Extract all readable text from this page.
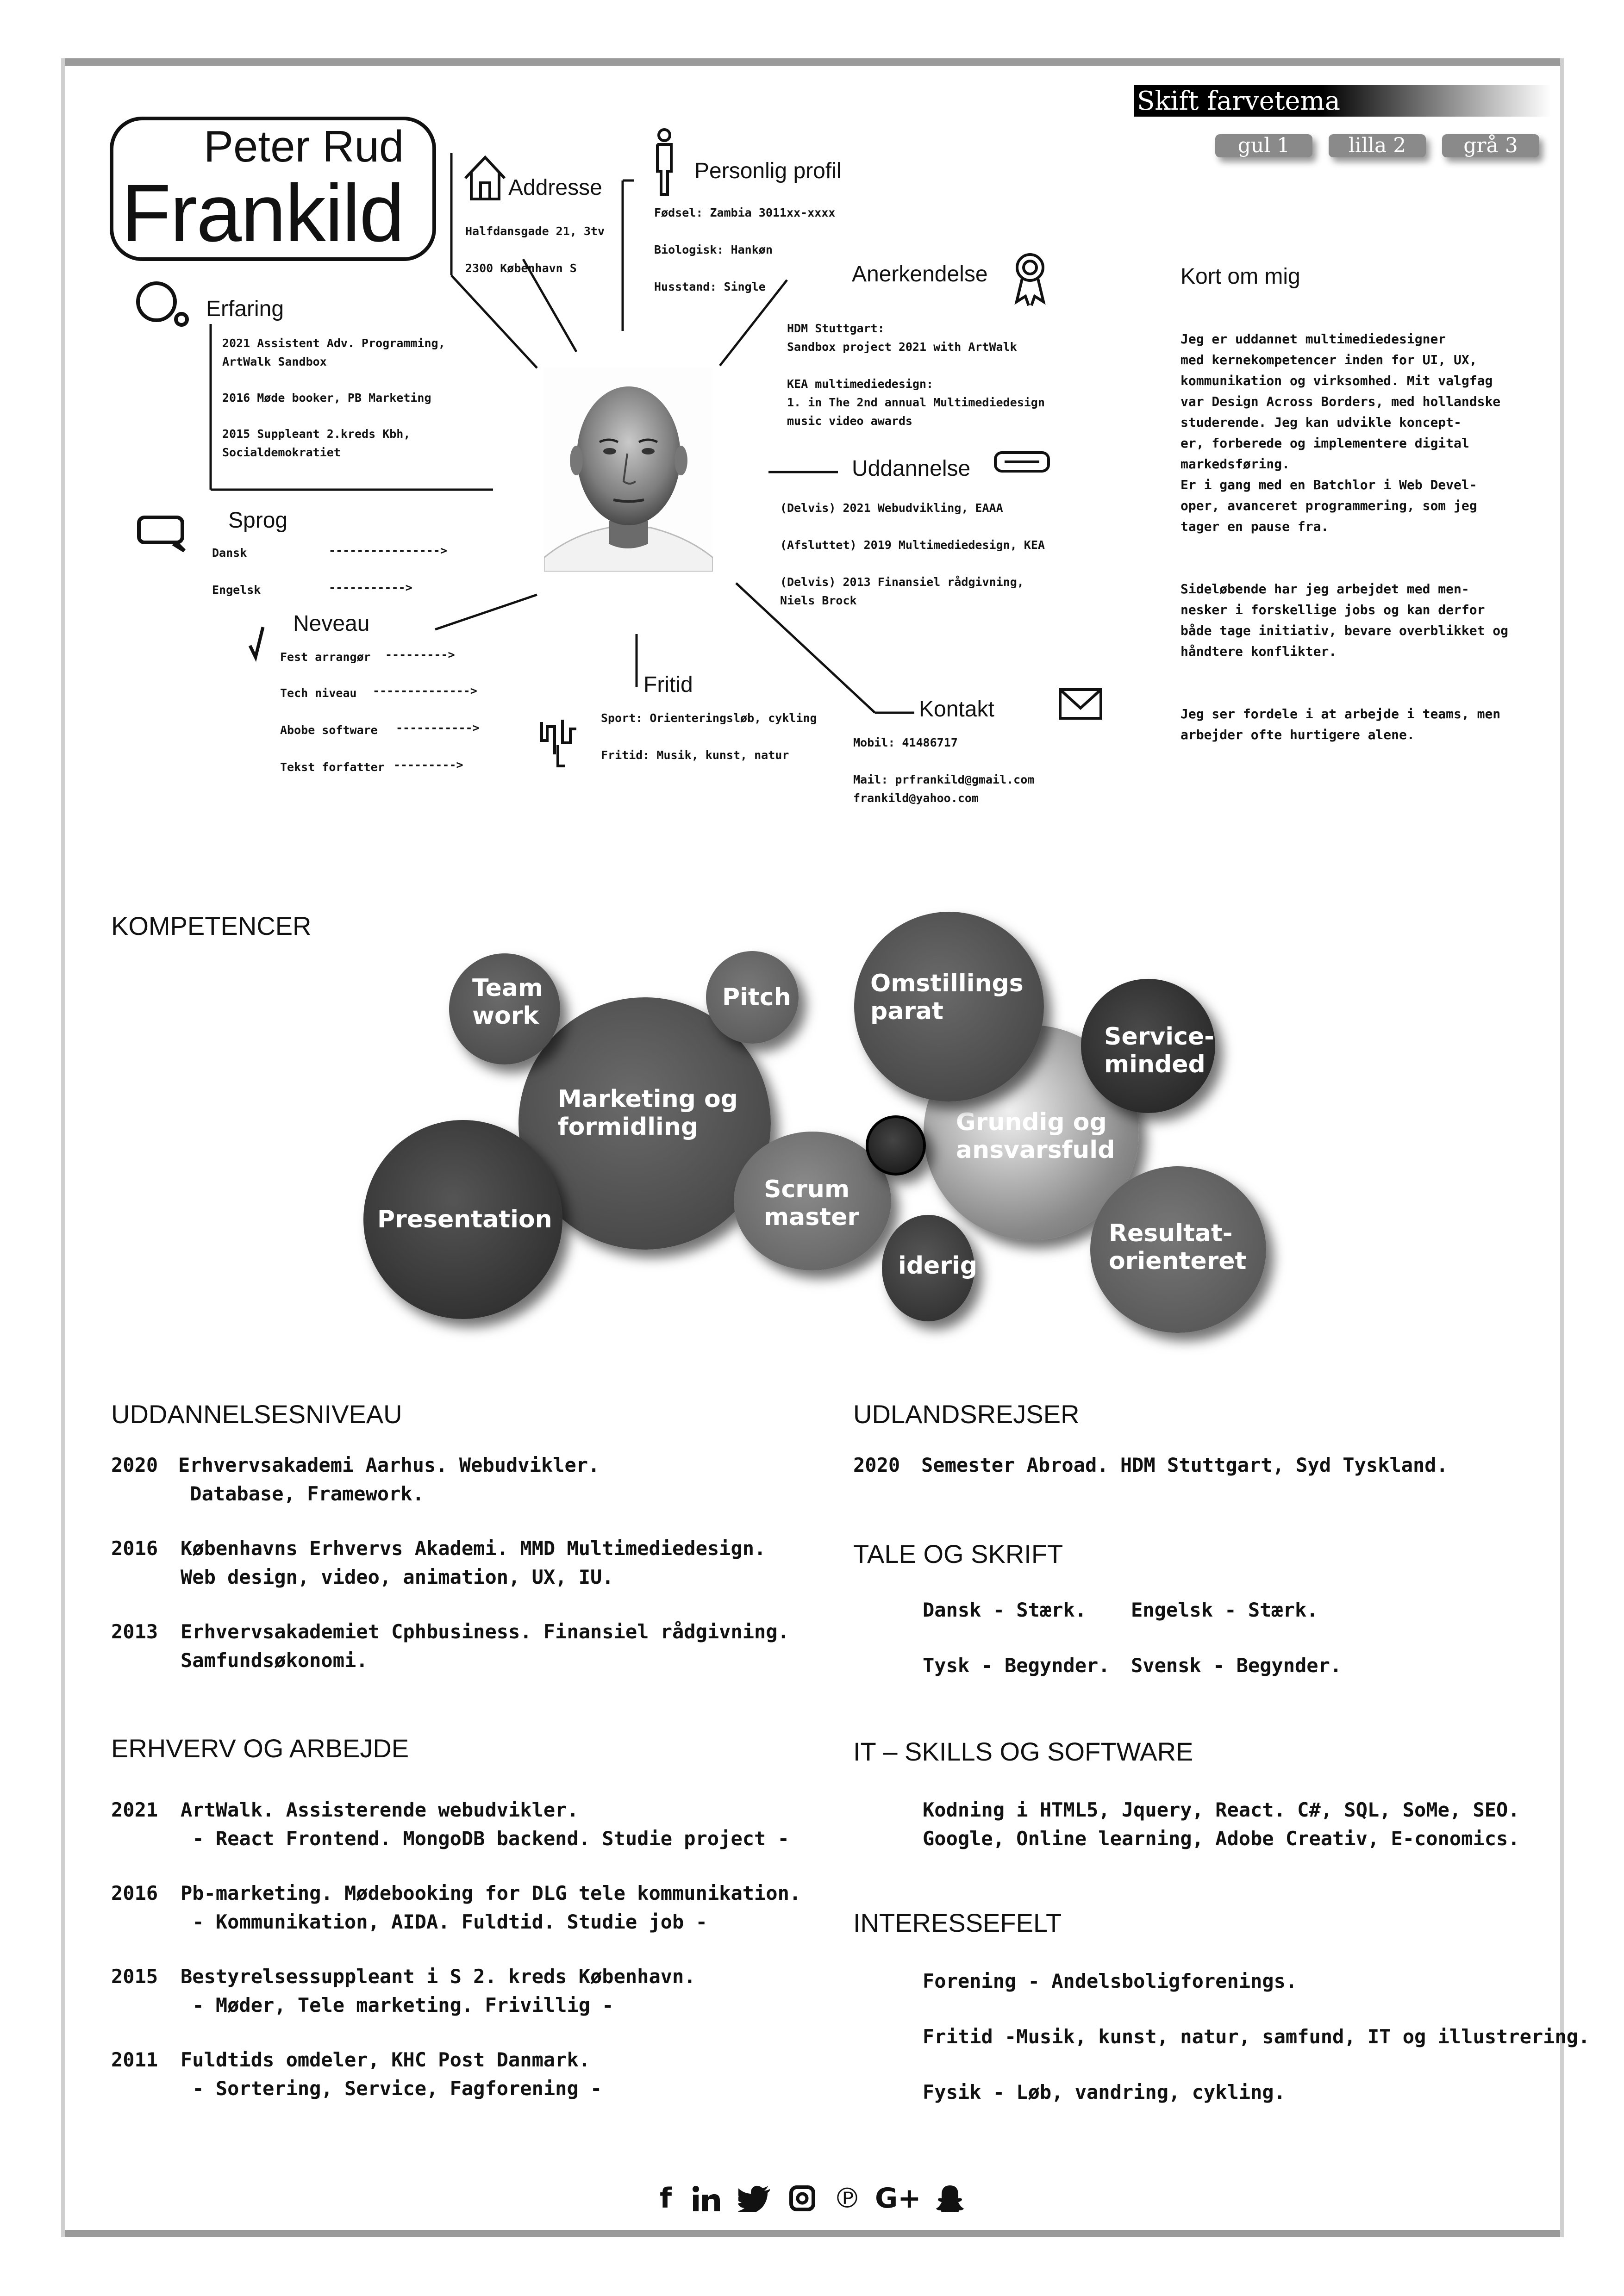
Skift farvetema
gul 1	lilla 2	grå 3
Peter Rud
Frankild	Addresse
Halfdansgade 21, 3tv
2300 København S
Personlig profil
Fødsel: Zambia 3011xx-xxxx
Biologisk: Hankøn
Husstand: Single
Anerkendelse
HDM Stuttgart:
Sandbox project 2021 with ArtWalk
KEA multimediedesign:
1. in The 2nd annual Multimediedesign
music video awards
Kort om mig

Jeg er uddannet multimediedesigner
med kernekompetencer inden for UI, UX,
kommunikation og virksomhed. Mit valgfag
var Design Across Borders, med hollandske
studerende. Jeg kan udvikle koncept-
er, forberede og implementere digital
markedsføring.
Er i gang med en Batchlor i Web Devel-
oper, avanceret programmering, som jeg
tager en pause fra.

Sideløbende har jeg arbejdet med men-
nesker i forskellige jobs og kan derfor
både tage initiativ, bevare overblikket og
håndtere konflikter.

Jeg ser fordele i at arbejde i teams, men
arbejder ofte hurtigere alene.

Erfaring
2021 Assistent Adv. Programming,
ArtWalk Sandbox
2016 Møde booker, PB Marketing
2015 Suppleant 2.kreds Kbh,
Socialdemokratiet
Sprog
Dansk	---------------->
Engelsk	----------->
Neveau
Fest arrangør --------->
Tech niveau -------------->
Abobe software ----------->
Tekst forfatter --------->
Uddannelse
(Delvis) 2021 Webudvikling, EAAA
(Afsluttet) 2019 Multimediedesign, KEA
(Delvis) 2013 Finansiel rådgivning,
Niels Brock
Fritid
Sport: Orienteringsløb, cykling
Fritid: Musik, kunst, natur
Kontakt
Mobil: 41486717
Mail: prfrankild@gmail.com
frankild@yahoo.com
KOMPETENCER
Marketing og
formidling
Presentation
Team
work
Pitch
Scrum
master
Grundig og
ansvarsfuld
Omstillings
parat
Service-
minded
Resultat-
orienteret
iderig
UDDANNELSESNIVEAU
2020 Erhvervsakademi Aarhus. Webudvikler.
Database, Framework.
2016 Københavns Erhvervs Akademi. MMD Multimediedesign.
Web design, video, animation, UX, IU.
2013 Erhvervsakademiet Cphbusiness. Finansiel rådgivning.
Samfundsøkonomi.
ERHVERV OG ARBEJDE
2021 ArtWalk. Assisterende webudvikler.
- React Frontend. MongoDB backend. Studie project -
2016 Pb-marketing. Mødebooking for DLG tele kommunikation.
- Kommunikation, AIDA. Fuldtid. Studie job -
2015 Bestyrelsessuppleant i S 2. kreds København.
- Møder, Tele marketing. Frivillig -
2011 Fuldtids omdeler, KHC Post Danmark.
- Sortering, Service, Fagforening -
UDLANDSREJSER
2020 Semester Abroad. HDM Stuttgart, Syd Tyskland.
TALE OG SKRIFT
Dansk - Stærk. Engelsk - Stærk.
Tysk - Begynder. Svensk - Begynder.
IT – SKILLS OG SOFTWARE
Kodning i HTML5, Jquery, React. C#, SQL, SoMe, SEO.
Google, Online learning, Adobe Creativ, E-conomics.
INTERESSEFELT
Forening - Andelsboligforenings.
Fritid -Musik, kunst, natur, samfund, IT og illustrering.
Fysik - Løb, vandring, cykling.
f	℗ G+
